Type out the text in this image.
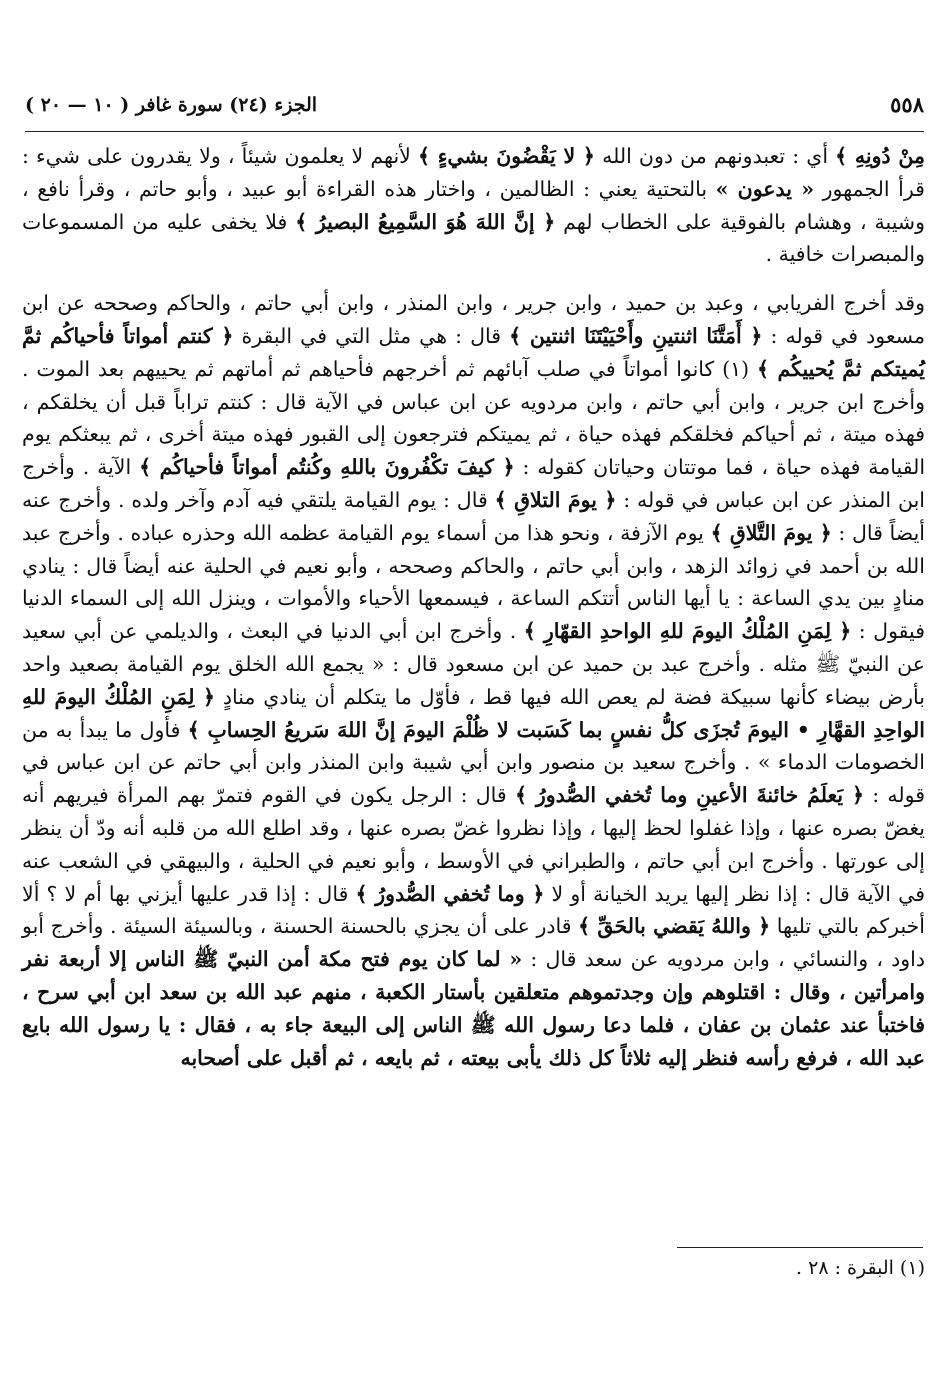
٥٥٨
الجزء (٢٤) سورة غافر ( ١٠ — ٢٠ )

مِنْ دُونِهِ ﴾ أي : تعبدونهم من دون الله ﴿ لا يَقْضُونَ بشيءٍ ﴾ لأنهم لا يعلمون شيئاً ، ولا يقدرون على شيء : قرأ الجمهور « يدعون » بالتحتية يعني : الظالمين ، واختار هذه القراءة أبو عبيد ، وأبو حاتم ، وقرأ نافع ، وشيبة ، وهشام بالفوقية على الخطاب لهم ﴿ إنَّ اللهَ هُوَ السَّمِيعُ البصيرُ ﴾ فلا يخفى عليه من المسموعات والمبصرات خافية .

وقد أخرج الفريابي ، وعبد بن حميد ، وابن جرير ، وابن المنذر ، وابن أبي حاتم ، والحاكم وصححه عن ابن مسعود في قوله : ﴿ أَمَتَّنَا اثنتينِ وأَحْيَيْتَنَا اثنتين ﴾ قال : هي مثل التي في البقرة ﴿ كنتم أمواتاً فأحياكُم ثمَّ يُميتكم ثمَّ يُحييكُم ﴾ (١) كانوا أمواتاً في صلب آبائهم ثم أخرجهم فأحياهم ثم أماتهم ثم يحييهم بعد الموت . وأخرج ابن جرير ، وابن أبي حاتم ، وابن مردويه عن ابن عباس في الآية قال : كنتم تراباً قبل أن يخلقكم ، فهذه ميتة ، ثم أحياكم فخلقكم فهذه حياة ، ثم يميتكم فترجعون إلى القبور فهذه ميتة أخرى ، ثم يبعثكم يوم القيامة فهذه حياة ، فما موتتان وحياتان كقوله : ﴿ كيفَ تكْفُرونَ باللهِ وكُنتُم أمواتاً فأحياكُم ﴾ الآية . وأخرج ابن المنذر عن ابن عباس في قوله : ﴿ يومَ التلاقِ ﴾ قال : يوم القيامة يلتقي فيه آدم وآخر ولده . وأخرج عنه أيضاً قال : ﴿ يومَ التَّلاقِ ﴾ يوم الآزفة ، ونحو هذا من أسماء يوم القيامة عظمه الله وحذره عباده . وأخرج عبد الله بن أحمد في زوائد الزهد ، وابن أبي حاتم ، والحاكم وصححه ، وأبو نعيم في الحلية عنه أيضاً قال : ينادي منادٍ بين يدي الساعة : يا أيها الناس أتتكم الساعة ، فيسمعها الأحياء والأموات ، وينزل الله إلى السماء الدنيا فيقول : ﴿ لِمَنِ المُلْكُ اليومَ للهِ الواحدِ القهّارِ ﴾ . وأخرج ابن أبي الدنيا في البعث ، والديلمي عن أبي سعيد عن النبيّ ﷺ مثله . وأخرج عبد بن حميد عن ابن مسعود قال : « يجمع الله الخلق يوم القيامة بصعيد واحد بأرض بيضاء كأنها سبيكة فضة لم يعص الله فيها قط ، فأوّل ما يتكلم أن ينادي منادٍ ﴿ لِمَنِ المُلْكُ اليومَ للهِ الواحِدِ القهَّارِ • اليومَ تُجزَى كلُّ نفسٍ بما كَسَبت لا ظُلْمَ اليومَ إنَّ اللهَ سَريعُ الحِسابِ ﴾ فأول ما يبدأ به من الخصومات الدماء » . وأخرج سعيد بن منصور وابن أبي شيبة وابن المنذر وابن أبي حاتم عن ابن عباس في قوله : ﴿ يَعلَمُ خائنةَ الأعينِ وما تُخفي الصُّدورُ ﴾ قال : الرجل يكون في القوم فتمرّ بهم المرأة فيريهم أنه يغضّ بصره عنها ، وإذا غفلوا لحظ إليها ، وإذا نظروا غضّ بصره عنها ، وقد اطلع الله من قلبه أنه ودّ أن ينظر إلى عورتها . وأخرج ابن أبي حاتم ، والطبراني في الأوسط ، وأبو نعيم في الحلية ، والبيهقي في الشعب عنه في الآية قال : إذا نظر إليها يريد الخيانة أو لا ﴿ وما تُخفي الصُّدورُ ﴾ قال : إذا قدر عليها أيزني بها أم لا ؟ ألا أخبركم بالتي تليها ﴿ واللهُ يَقضي بالحَقِّ ﴾ قادر على أن يجزي بالحسنة الحسنة ، وبالسيئة السيئة . وأخرج أبو داود ، والنسائي ، وابن مردويه عن سعد قال : « لما كان يوم فتح مكة أمن النبيّ ﷺ الناس إلا أربعة نفر وامرأتين ، وقال : اقتلوهم وإن وجدتموهم متعلقين بأستار الكعبة ، منهم عبد الله بن سعد ابن أبي سرح ، فاختبأ عند عثمان بن عفان ، فلما دعا رسول الله ﷺ الناس إلى البيعة جاء به ، فقال : يا رسول الله بايع عبد الله ، فرفع رأسه فنظر إليه ثلاثاً كل ذلك يأبى بيعته ، ثم بايعه ، ثم أقبل على أصحابه

(١) البقرة : ٢٨ .
